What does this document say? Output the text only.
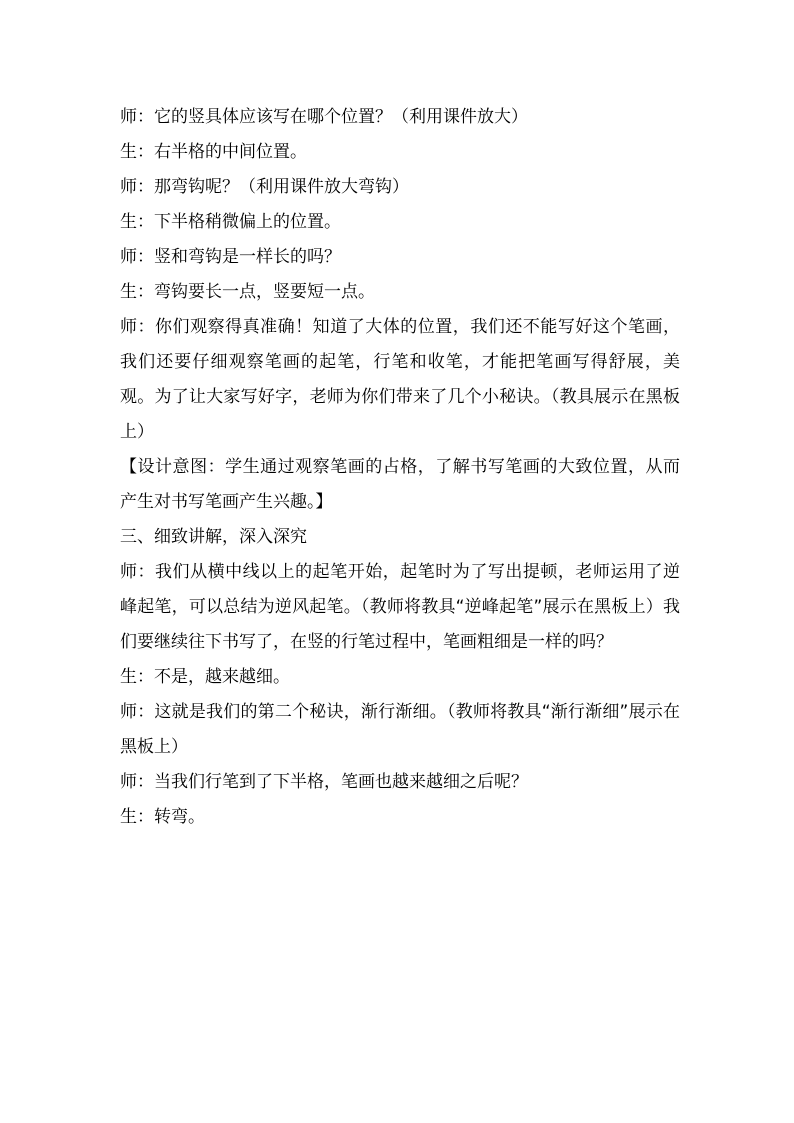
师：它的竖具体应该写在哪个位置？（利用课件放大）

生：右半格的中间位置。

师：那弯钩呢？（利用课件放大弯钩）

生：下半格稍微偏上的位置。

师：竖和弯钩是一样长的吗？

生：弯钩要长一点，竖要短一点。

师：你们观察得真准确！知道了大体的位置，我们还不能写好这个笔画，我们还要仔细观察笔画的起笔，行笔和收笔，才能把笔画写得舒展，美观。为了让大家写好字，老师为你们带来了几个小秘诀。（教具展示在黑板上）

【设计意图：学生通过观察笔画的占格，了解书写笔画的大致位置，从而产生对书写笔画产生兴趣。】

三、细致讲解，深入深究

师：我们从横中线以上的起笔开始，起笔时为了写出提顿，老师运用了逆峰起笔，可以总结为逆风起笔。（教师将教具“逆峰起笔”展示在黑板上）我们要继续往下书写了，在竖的行笔过程中，笔画粗细是一样的吗？

生：不是，越来越细。

师：这就是我们的第二个秘诀，渐行渐细。（教师将教具“渐行渐细”展示在黑板上）

师：当我们行笔到了下半格，笔画也越来越细之后呢？

生：转弯。
